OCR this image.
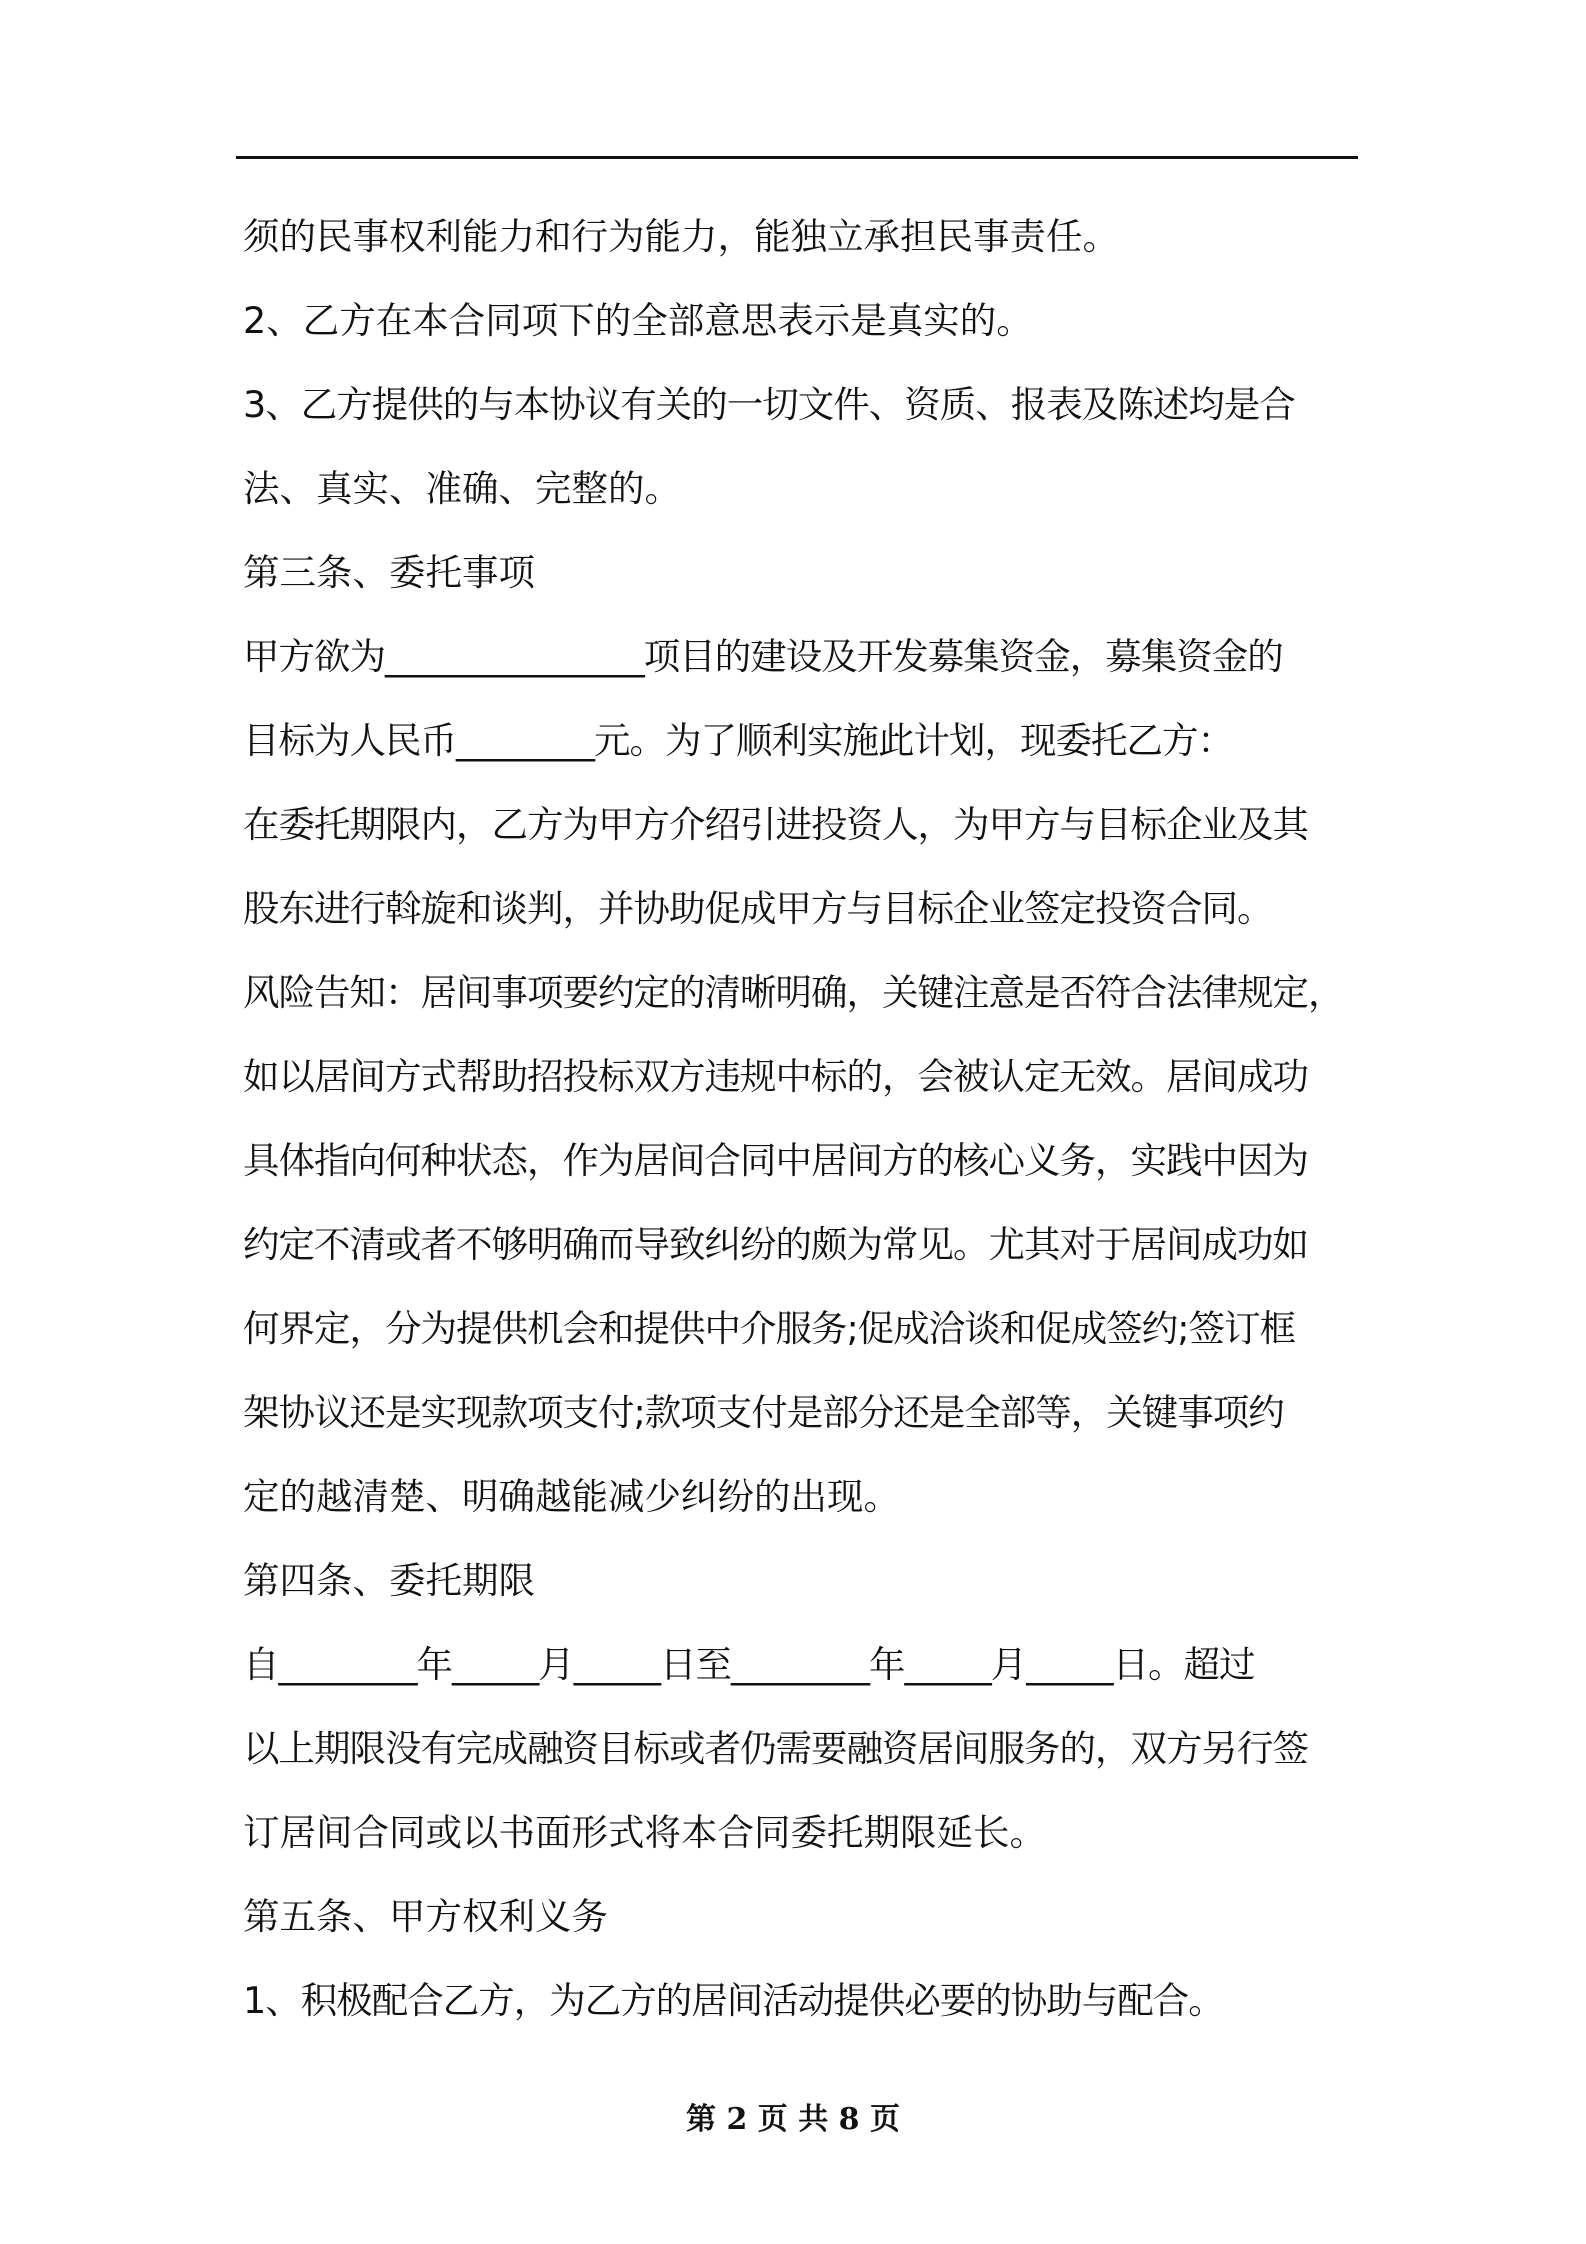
须的民事权利能力和行为能力，能独立承担民事责任。
2、乙方在本合同项下的全部意思表示是真实的。
3、乙方提供的与本协议有关的一切文件、资质、报表及陈述均是合
法、真实、准确、完整的。
第三条、委托事项
甲方欲为_______________项目的建设及开发募集资金，募集资金的
目标为人民币________元。为了顺利实施此计划，现委托乙方：
在委托期限内，乙方为甲方介绍引进投资人，为甲方与目标企业及其
股东进行斡旋和谈判，并协助促成甲方与目标企业签定投资合同。
风险告知：居间事项要约定的清晰明确，关键注意是否符合法律规定，
如以居间方式帮助招投标双方违规中标的，会被认定无效。居间成功
具体指向何种状态，作为居间合同中居间方的核心义务，实践中因为
约定不清或者不够明确而导致纠纷的颇为常见。尤其对于居间成功如
何界定，分为提供机会和提供中介服务;促成洽谈和促成签约;签订框
架协议还是实现款项支付;款项支付是部分还是全部等，关键事项约
定的越清楚、明确越能减少纠纷的出现。
第四条、委托期限
自________年_____月_____日至________年_____月_____日。超过
以上期限没有完成融资目标或者仍需要融资居间服务的，双方另行签
订居间合同或以书面形式将本合同委托期限延长。
第五条、甲方权利义务
1、积极配合乙方，为乙方的居间活动提供必要的协助与配合。
第 2 页 共 8 页
